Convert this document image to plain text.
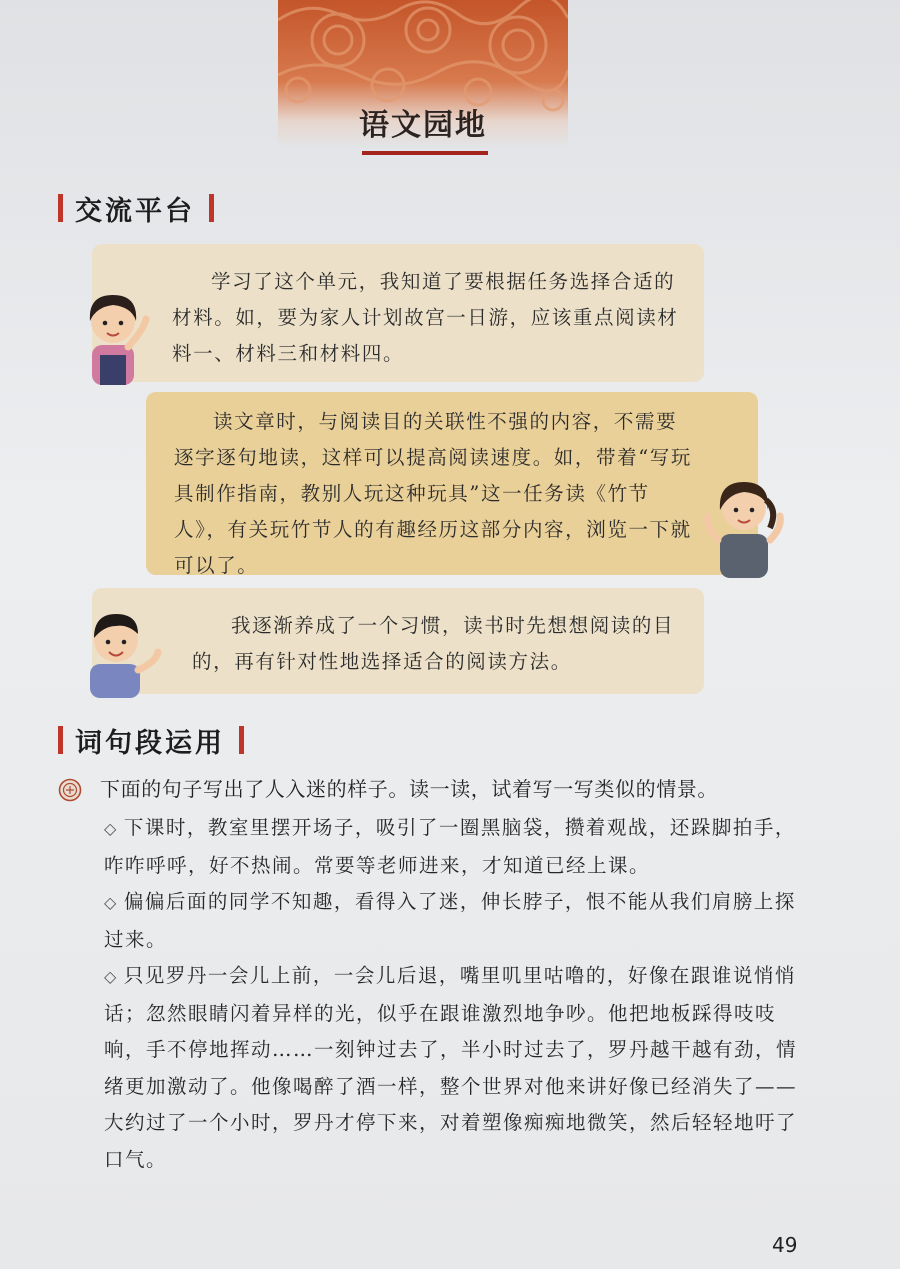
语文园地
交流平台

学习了这个单元，我知道了要根据任务选择合适的材料。如，要为家人计划故宫一日游，应该重点阅读材料一、材料三和材料四。

读文章时，与阅读目的关联性不强的内容，不需要逐字逐句地读，这样可以提高阅读速度。如，带着“写玩具制作指南，教别人玩这种玩具”这一任务读《竹节人》，有关玩竹节人的有趣经历这部分内容，浏览一下就可以了。

我逐渐养成了一个习惯，读书时先想想阅读的目的，再有针对性地选择适合的阅读方法。

词句段运用
下面的句子写出了人入迷的样子。读一读，试着写一写类似的情景。
◇ 下课时，教室里摆开场子，吸引了一圈黑脑袋，攒着观战，还跺脚拍手，咋咋呼呼，好不热闹。常要等老师进来，才知道已经上课。
◇ 偏偏后面的同学不知趣，看得入了迷，伸长脖子，恨不能从我们肩膀上探过来。
◇ 只见罗丹一会儿上前，一会儿后退，嘴里叽里咕噜的，好像在跟谁说悄悄话；忽然眼睛闪着异样的光，似乎在跟谁激烈地争吵。他把地板踩得吱吱响，手不停地挥动……一刻钟过去了，半小时过去了，罗丹越干越有劲，情绪更加激动了。他像喝醉了酒一样，整个世界对他来讲好像已经消失了——大约过了一个小时，罗丹才停下来，对着塑像痴痴地微笑，然后轻轻地吁了口气。
49
